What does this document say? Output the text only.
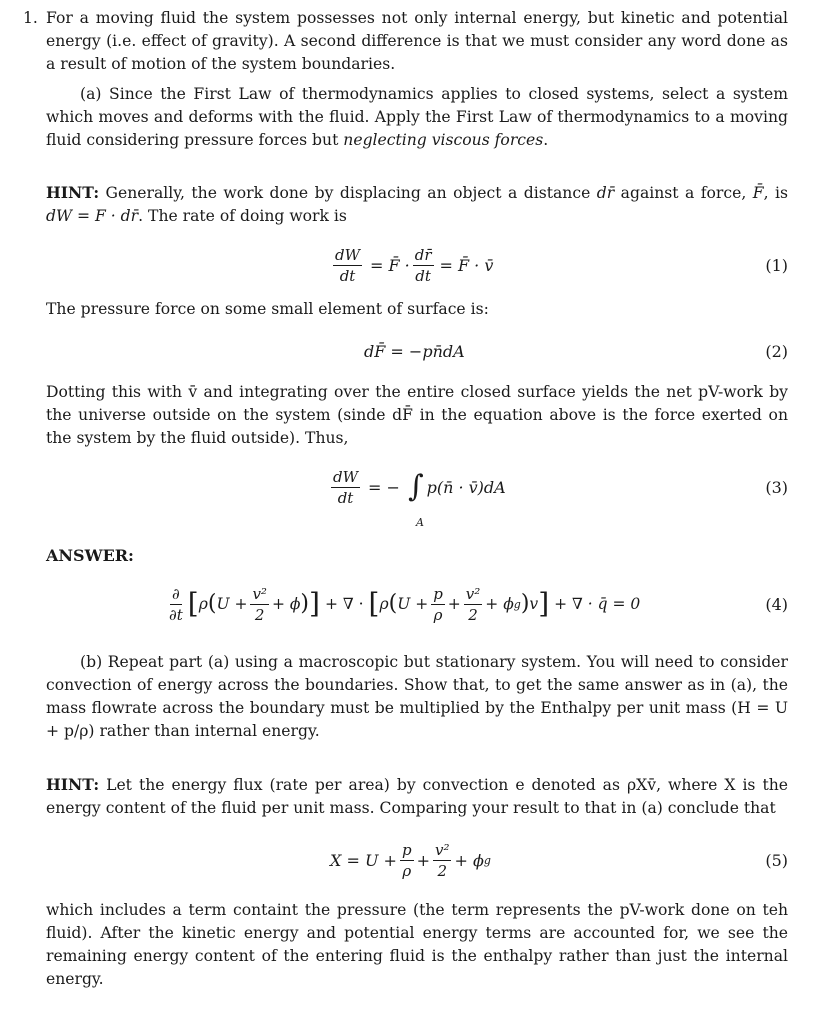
1. For a moving fluid the system possesses not only internal energy, but kinetic and potential energy (i.e. effect of gravity). A second difference is that we must consider any word done as a result of motion of the system boundaries.

(a) Since the First Law of thermodynamics applies to closed systems, select a system which moves and deforms with the fluid. Apply the First Law of thermodynamics to a moving fluid considering pressure forces but neglecting viscous forces.

HINT: Generally, the work done by displacing an object a distance dr̄ against a force, F̄, is dW = F · dr̄. The rate of doing work is

$\frac{dW}{dt}$ = F̄ · $\frac{dr̄}{dt}$ = F̄ · v̄	(1)

The pressure force on some small element of surface is:

dF̄ = −pn̄dA	(2)

Dotting this with v̄ and integrating over the entire closed surface yields the net pV-work by the universe outside on the system (sinde dF̄ in the equation above is the force exerted on the system by the fluid outside). Thus,

$\frac{dW}{dt}$ = − ∫
A
p(n̄ · v̄)dA	(3)
ANSWER:
$\frac{\partial}{\partial t}$ [ ρ ( $U + \frac{\text{v²}}{2} + \phi$ ) ] + ∇ · [ ρ ( $U + \frac{p}{\rho} + \frac{\text{v²}}{2} + \phi$ g ) v ] + ∇ · q̄ = 0	(4)

(b) Repeat part (a) using a macroscopic but stationary system. You will need to consider convection of energy across the boundaries. Show that, to get the same answer as in (a), the mass flowrate across the boundary must be multiplied by the Enthalpy per unit mass (H = U + p/ρ) rather than internal energy.

HINT: Let the energy flux (rate per area) by convection e denoted as ρXv̄, where X is the energy content of the fluid per unit mass. Comparing your result to that in (a) conclude that

$X = U + \frac{p}{\rho} + \frac{\text{v²}}{2} + \phi$ g	(5)

which includes a term containt the pressure (the term represents the pV-work done on teh fluid). After the kinetic energy and potential energy terms are accounted for, we see the remaining energy content of the entering fluid is the enthalpy rather than just the internal energy.
